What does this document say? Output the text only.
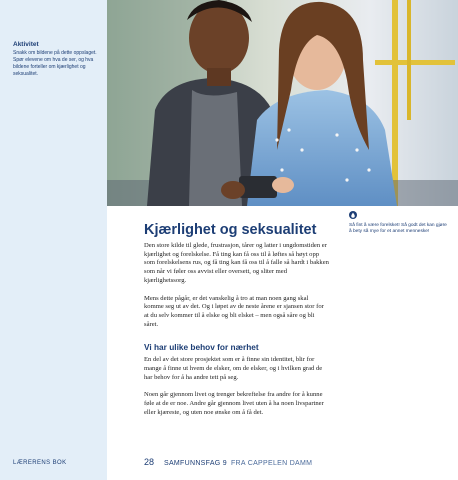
Aktivitet
Snakk om bildene på dette oppslaget. Spør elevene om hva de ser, og hva bildene forteller om kjærlighet og seksualitet.
LÆRERENS BOK
Kjærlighet og seksualitet

Den store kilde til glede, frustrasjon, tårer og latter i ungdomstiden er kjærlighet og forelskelse. Få ting kan få oss til å løftes så høyt opp som forelskelsens rus, og få ting kan få oss til å falle så hardt i bakken som når vi føler oss avvist eller oversett, og sliter med kjærlighetssorg.

Mens dette pågår, er det vanskelig å tro at man noen gang skal komme seg ut av det. Og i løpet av de neste årene er sjansen stor for at du selv kommer til å elske og bli elsket – men også såre og bli såret.

Vi har ulike behov for nærhet

En del av det store prosjektet som er å finne sin identitet, blir for mange å finne ut hvem de elsker, om de elsker, og i hvilken grad de har behov for å ha andre tett på seg.

Noen går gjennom livet og trenger bekreftelse fra andre for å kunne føle at de er noe. Andre går gjennom livet uten å ha noen livspartner eller kjæreste, og uten noe ønske om å få det.

Så fint å være forelsket! Så godt det kan gjøre å bety så mye for et annet menneske!
28 SAMFUNNSFAG 9 FRA CAPPELEN DAMM
